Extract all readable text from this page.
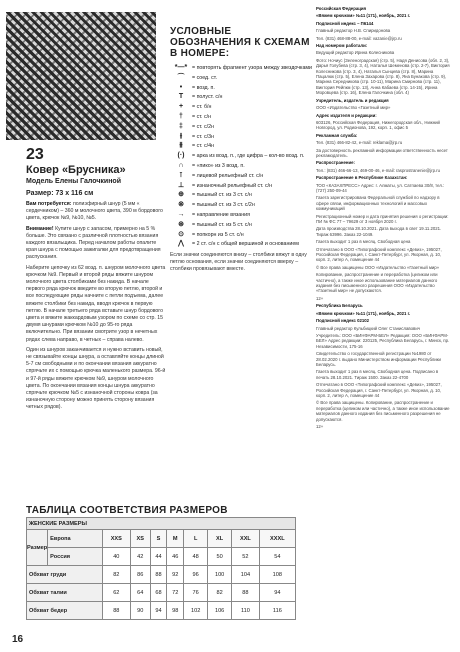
23
Ковер «Брусника»
Модель Елены Галочкиной
Размер: 73 х 116 см

Вам потребуется: полиэфирный шнур (5 мм « сердечником) – 360 м молочного цвета, 390 м бордового цвета, крючок №9, №10, №5.

Внимание! Купите шнур с запасом, примерно на 5 % больше. Это связано с различной плотностью вязания каждого вязальщика. Перед началом работы опалите края шнура с помощью зажигалки для предотвращения распускания.

Наберите цепочку из 62 возд. п. шнуром молочного цвета крючком №9. Первый и второй ряды вяжите шнуром молочного цвета столбиками без накида. В начале первого ряда крючок введите во вторую петлю, второй и все последующие ряды начните с петли подъема, далее вяжите столбики без накида, вводя крючок в первую петлю. В начале третьего ряда вставьте шнур бордового цвета и вяжите жаккардовым узором по схеме со стр. 15 двумя шнурами крючком №10 до 95-го ряда включительно. При вязании смотрите узор в нечетных рядах слева направо, в четных – справа налево.

Один из шнуров заканчивается и нужно вставить новый, не связывайте концы шнура, а оставляйте концы длиной 5-7 см свободными и по окончании вязания аккуратно спрячьте их с помощью крючка маленького размера. 96-й и 97-й ряды вяжите крючком №9, шнуром молочного цвета. По окончании вязания концы шнура аккуратно спрячьте крючком №5 с изнаночной стороны ковра (за изнаночную сторону можно принять сторону вязания четных рядов).

УСЛОВНЫЕ ОБОЗНАЧЕНИЯ К СХЕМАМ В НОМЕРЕ:
*—* = повторять фрагмент узора между звездочками
⌒	= соед. ст.
•	= возд. п.
T	= полуст. с/н
+	= ст. б/н
†	= ст. с/н
‡	= ст. с/2н
⫲	= ст. с/3н
⫵	= ст. с/4н
(·)	= арка из возд. п., где цифра – кол-во возд. п.
∩	= «пико» из 3 возд. п.
⊺	= лицевой рельефный ст. с/н
⊥	= изнаночный рельефный ст. с/н
⊕	= пышный ст. из 3 ст. с/н
⊗	= пышный ст. из 3 ст. с/2н
→	= направление вязания
⊛	= пышный ст. из 5 ст. с/н
⊙	= попкорн из 5 ст. с/н
⋀	= 2 ст. с/н с общей вершиной и основанием
Если значки соединяются внизу – столбики вяжут в одну петлю основания, если значки соединяются вверху – столбики провязывают вместе.

Российская Федерация

«Вяжем крючком» №11 (171), ноябрь, 2021 г.

Подписной индекс – П6144

Главный редактор Н.В. Спиридонова

Тел. (831) 468-88-00, e-mail: vazanie@jrp.ru

Над номером работали:

Ведущий редактор Ирина Колесникова

Фото: Ночиус (Зеленоградская) (стр. 5), Надя Денисова (обл. 2, 3), Дарья Голубева (стр. 3, 4), Наталья Шеменова (стр. 2-7), Виктория Колесникова (стр. 3, 4), Наталья Сынцева (стр. 8), Марина Пацалюк (стр. 5), Елена Захарова (стр. 8), Яна Бунакова (стр. 9), Марина Середникова (стр. 10-11), Марина Смирнова (стр. 11), Виктория Рейпкм (стр. 13), Анна Кабаева (стр. 14-15), Ирина Моровцева (стр. 16), Елена Галочкина (обл. 4)

Учредитель, издатель и редакция

ООО «Издательство «Газетный мир»

Адрес издателя и редакции:

603126, Российская Федерация, Нижегородская обл., Нижний Новгород, ул. Родионова, 192, корп. 1, офис 5

Рекламная служба:

Тел. (831) 466-82-42, e-mail: reklama@jrp.ru

За достоверность рекламной информации ответственность несет рекламодатель.

Распространение:

Тел.: (831) 466-66-13, 469-00-46, e-mail: rasprostranenie@jrp.ru

Распространение в Республике Казахстан:

ТОО «КАЗАХПРЕСС» Адрес: г. Алматы, ул. Сатпаева 30/8, тел.: (727) 250-09-44

Газета зарегистрирована Федеральной службой по надзору в сфере связи, информационных технологий и массовых коммуникаций

Регистрационный номер и дата принятия решения о регистрации: ПИ № ФС 77 – 79629 от 3 ноября 2020 г.

Дата производства 28.10.2021. Дата выхода в свет 19.11.2021. Тираж 63996. Заказ 22-1049.

Газета выходит 1 раз в месяц. Свободная цена

Отпечатано в ООО «Типографский комплекс «Девиз», 195027, Российская Федерация, г. Санкт-Петербург, ул. Якорная, д. 10, корп. 2, литер А, помещение 44

© Все права защищены ООО «Издательство «Газетный мир»

Копирование, распространение и переработка (целиком или частично), а также иное использование материалов данного издания без письменного разрешения ООО «Издательство «Газетный мир» не допускаются.

12+

Республика Беларусь

«Вяжем крючком» №11 (171), ноябрь, 2021 г.

Подписной индекс 02102

Главный редактор Кульбицкий Олег Станиславович

Учредитель: ООО «БИНФАРМ-БЕЛ» Редакция: ООО «БИНФАРМ-БЕЛ» Адрес редакции: 220125, Республика Беларусь, г. Минск, пр. Независимости, 175-16

Свидетельство о государственной регистрации №1980 от 28.02.2020 г. выдано Министерством информации Республики Беларусь.

Газета выходит 1 раз в месяц. Свободная цена. Подписано в печать 28.10.2021. Тираж 1500. Заказ 22-4700

Отпечатано в ООО «Типографский комплекс «Девиз», 195027, Российская Федерация, г. Санкт-Петербург, ул. Якорная, д. 10, корп. 2, литер А, помещение 44

© Все права защищены. Копирование, распространение и переработка (целиком или частично), а также иное использование материалов данного издания без письменного разрешения не допускаются.

12+

ТАБЛИЦА СООТВЕТСТВИЯ РАЗМЕРОВ
ЖЕНСКИЕ РАЗМЕРЫ									
Размер	Европа	XXS	XS	S	M	L	XL	XXL	XXXL
	Россия	40	42	44	46	48	50	52	54
Обхват груди		82	86	88	92	96	100	104	108
Обхват талии		62	64	68	72	76	82	88	94
Обхват бедер		88	90	94	98	102	106	110	116
16
